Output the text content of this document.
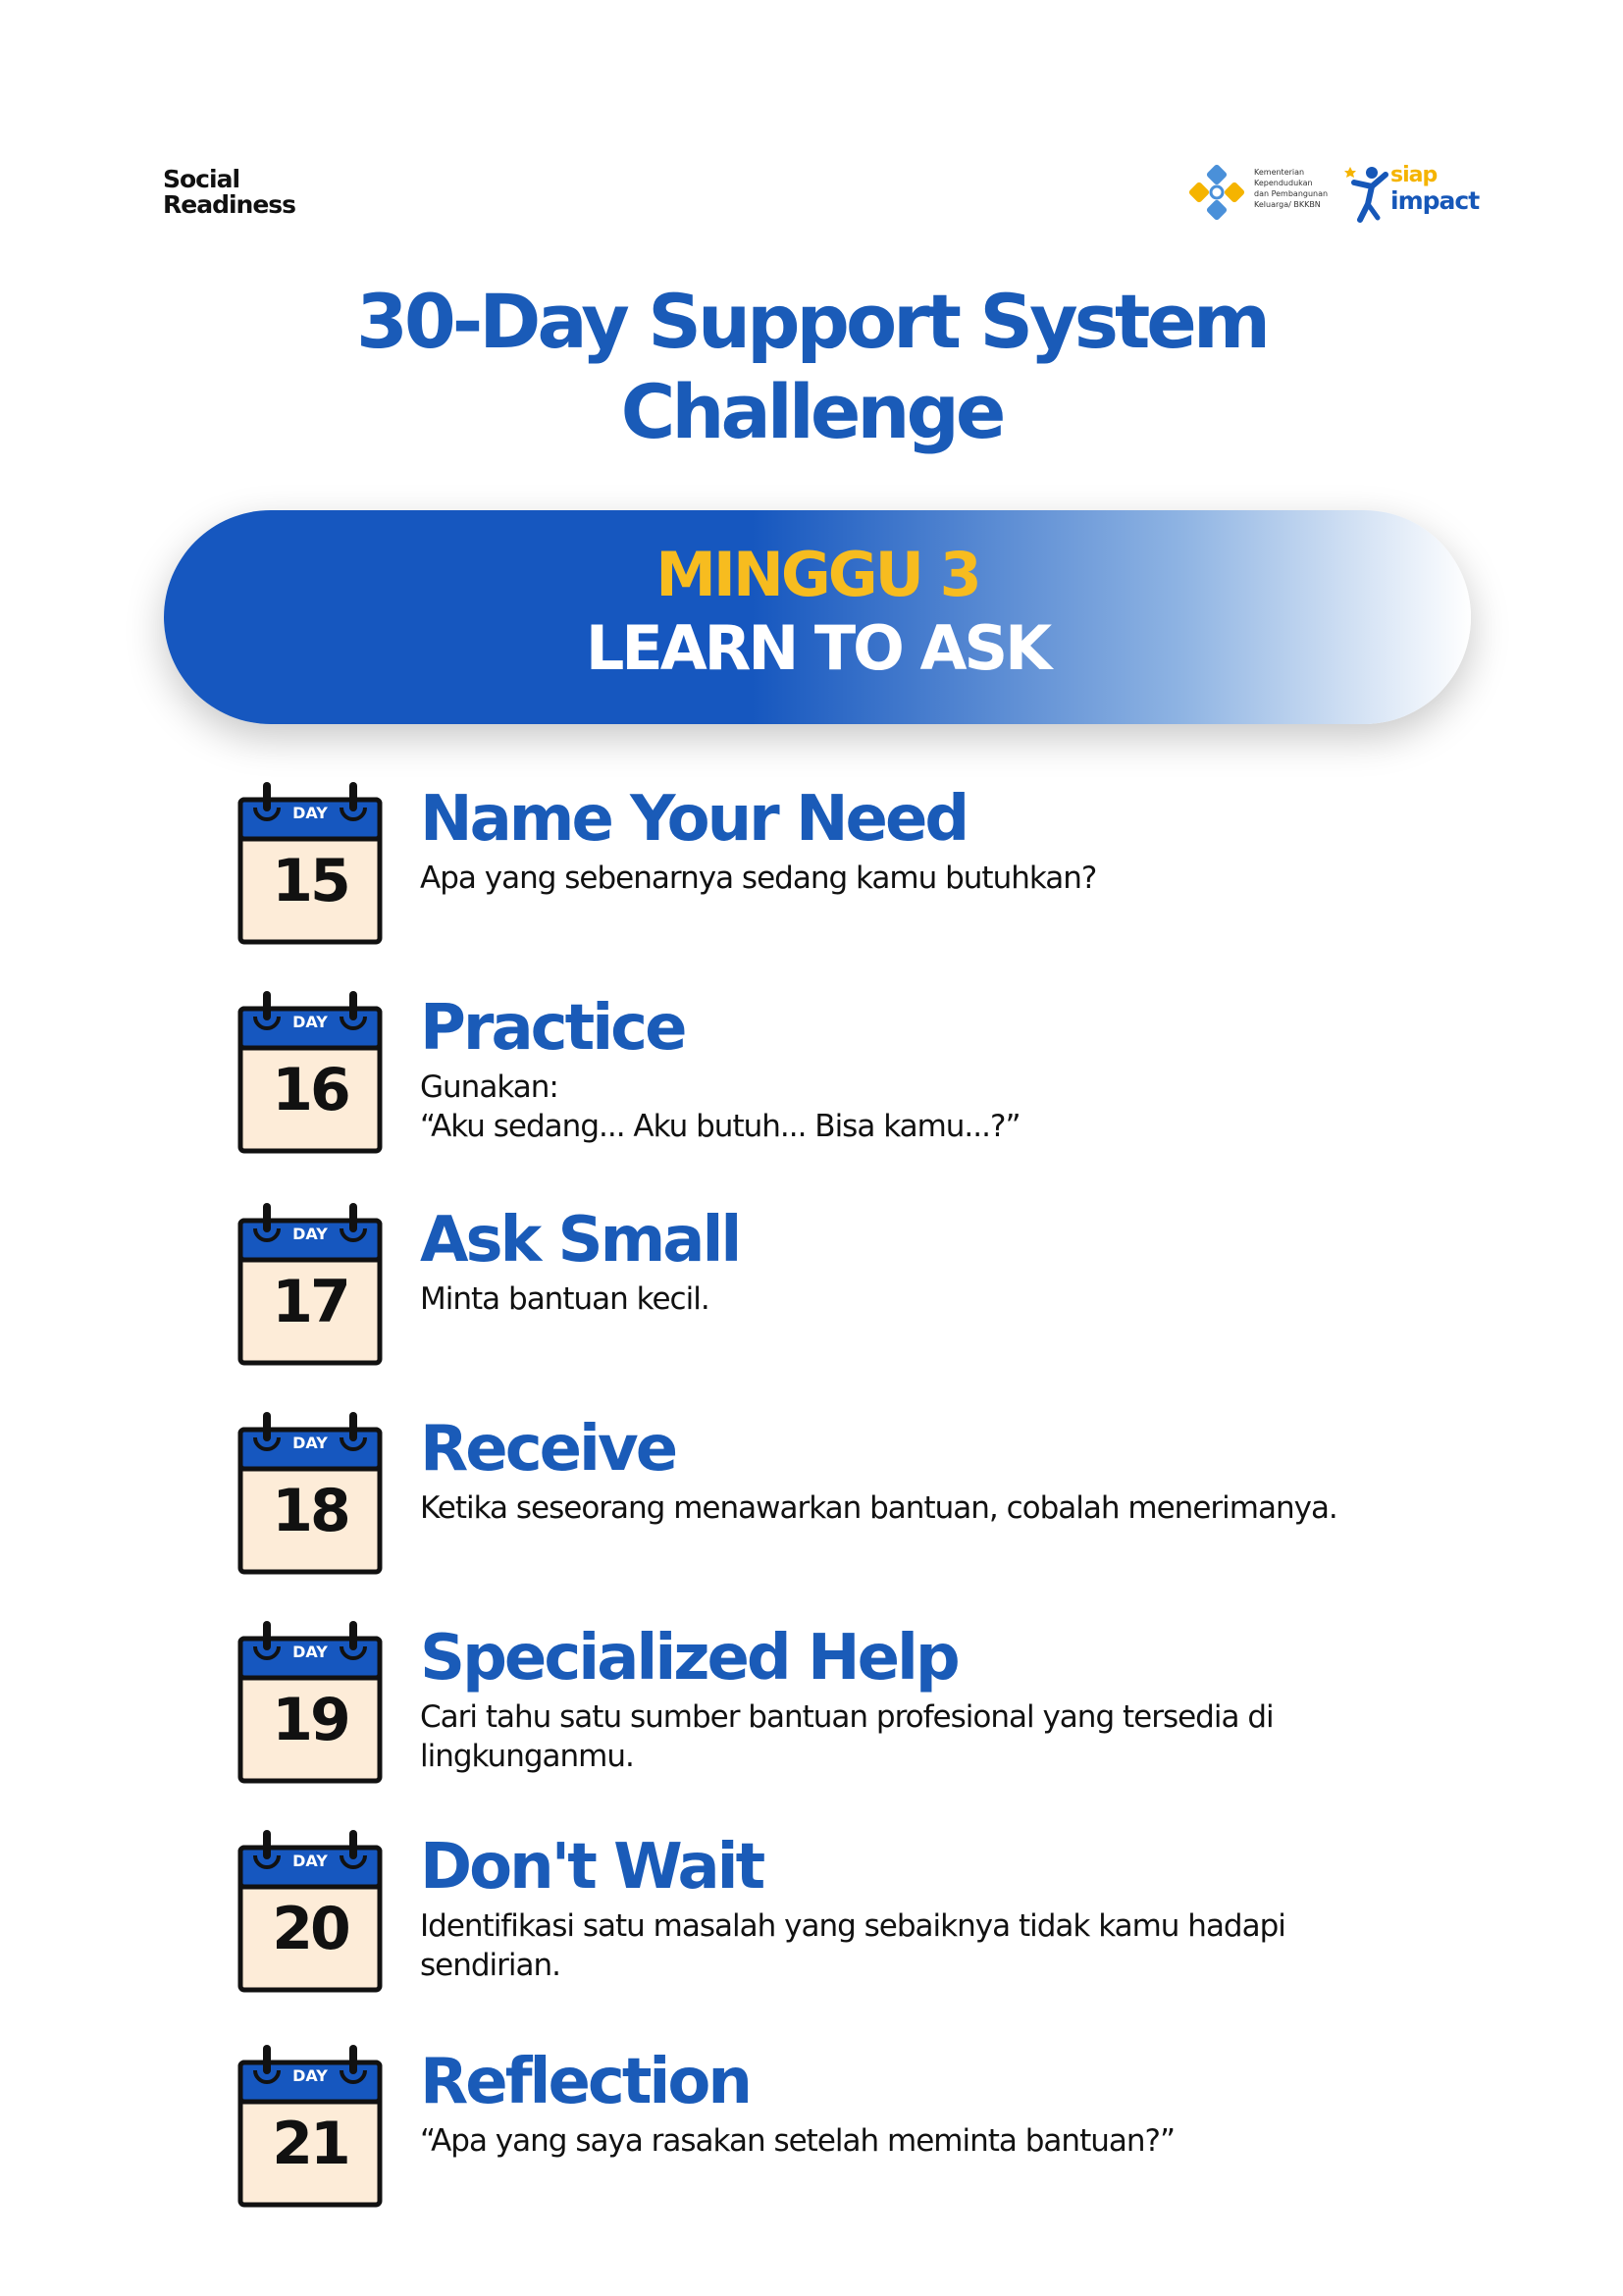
Social
Readiness
Kementerian
Kependudukan
dan Pembangunan
Keluarga/ BKKBN
siap
impact
30-Day Support System
Challenge
MINGGU 3
LEARN TO ASK
DAY
15
Name Your Need
Apa yang sebenarnya sedang kamu butuhkan?
DAY
16
Practice
Gunakan:
“Aku sedang... Aku butuh... Bisa kamu...?”
DAY
17
Ask Small
Minta bantuan kecil.
DAY
18
Receive
Ketika seseorang menawarkan bantuan, cobalah menerimanya.
DAY
19
Specialized Help
Cari tahu satu sumber bantuan profesional yang tersedia di
lingkunganmu.
DAY
20
Don't Wait
Identifikasi satu masalah yang sebaiknya tidak kamu hadapi
sendirian.
DAY
21
Reflection
“Apa yang saya rasakan setelah meminta bantuan?”
